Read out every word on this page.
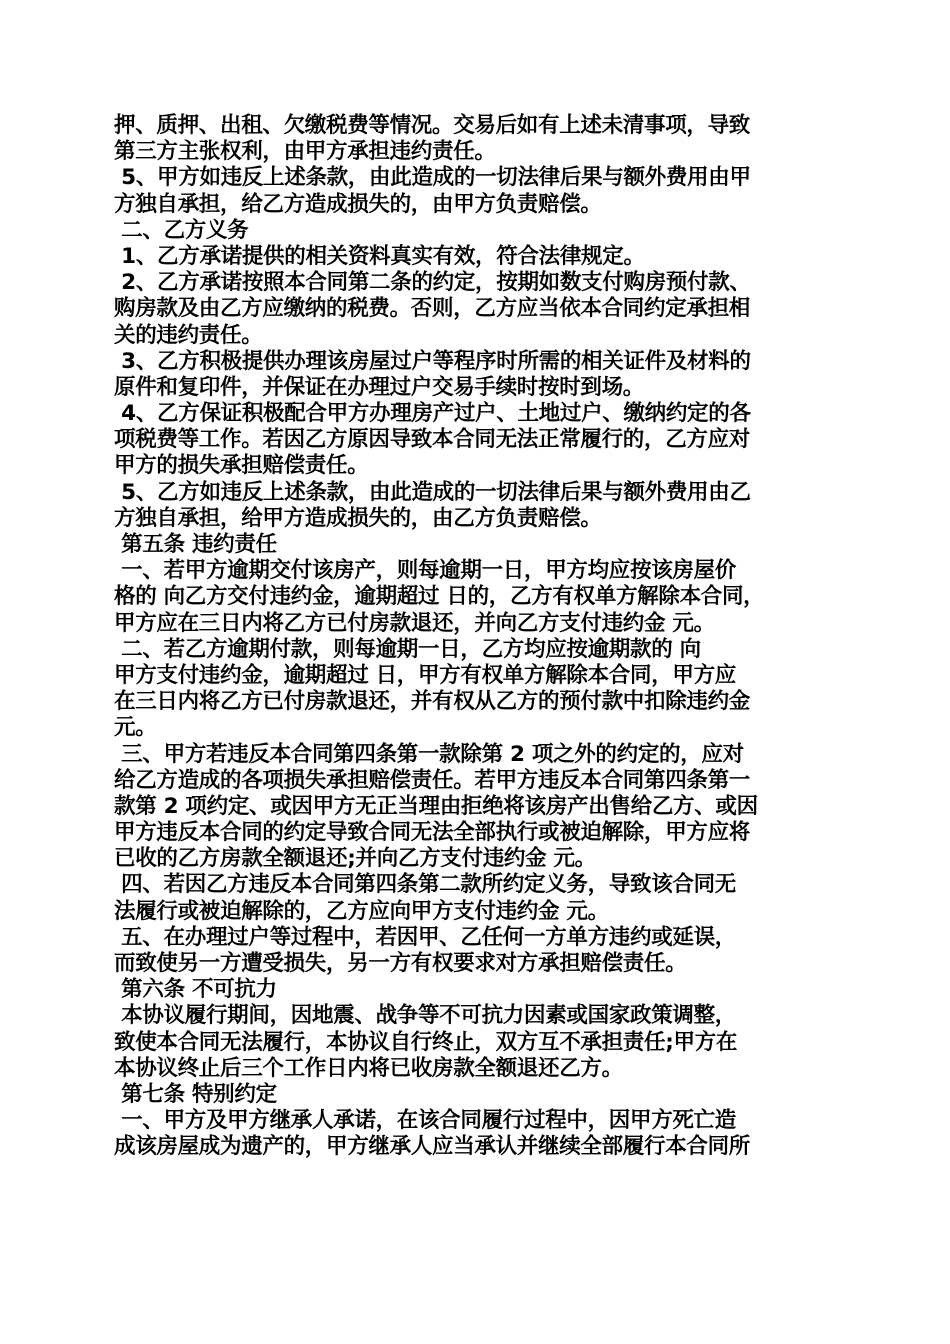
押、质押、出租、欠缴税费等情况。交易后如有上述未清事项，导致
第三方主张权利，由甲方承担违约责任。
5、甲方如违反上述条款，由此造成的一切法律后果与额外费用由甲
方独自承担，给乙方造成损失的，由甲方负责赔偿。
二、乙方义务
1、乙方承诺提供的相关资料真实有效，符合法律规定。
2、乙方承诺按照本合同第二条的约定，按期如数支付购房预付款、
购房款及由乙方应缴纳的税费。否则，乙方应当依本合同约定承担相
关的违约责任。
3、乙方积极提供办理该房屋过户等程序时所需的相关证件及材料的
原件和复印件，并保证在办理过户交易手续时按时到场。
4、乙方保证积极配合甲方办理房产过户、土地过户、缴纳约定的各
项税费等工作。若因乙方原因导致本合同无法正常履行的，乙方应对
甲方的损失承担赔偿责任。
5、乙方如违反上述条款，由此造成的一切法律后果与额外费用由乙
方独自承担，给甲方造成损失的，由乙方负责赔偿。
第五条 违约责任
一、若甲方逾期交付该房产，则每逾期一日，甲方均应按该房屋价
格的 向乙方交付违约金，逾期超过 日的，乙方有权单方解除本合同，
甲方应在三日内将乙方已付房款退还，并向乙方支付违约金 元。
二、若乙方逾期付款，则每逾期一日，乙方均应按逾期款的 向
甲方支付违约金，逾期超过 日，甲方有权单方解除本合同，甲方应
在三日内将乙方已付房款退还，并有权从乙方的预付款中扣除违约金
元。
三、甲方若违反本合同第四条第一款除第 2 项之外的约定的，应对
给乙方造成的各项损失承担赔偿责任。若甲方违反本合同第四条第一
款第 2 项约定、或因甲方无正当理由拒绝将该房产出售给乙方、或因
甲方违反本合同的约定导致合同无法全部执行或被迫解除，甲方应将
已收的乙方房款全额退还;并向乙方支付违约金 元。
四、若因乙方违反本合同第四条第二款所约定义务，导致该合同无
法履行或被迫解除的，乙方应向甲方支付违约金 元。
五、在办理过户等过程中，若因甲、乙任何一方单方违约或延误，
而致使另一方遭受损失，另一方有权要求对方承担赔偿责任。
第六条 不可抗力
本协议履行期间，因地震、战争等不可抗力因素或国家政策调整，
致使本合同无法履行，本协议自行终止，双方互不承担责任;甲方在
本协议终止后三个工作日内将已收房款全额退还乙方。
第七条 特别约定
一、甲方及甲方继承人承诺，在该合同履行过程中，因甲方死亡造
成该房屋成为遗产的，甲方继承人应当承认并继续全部履行本合同所
